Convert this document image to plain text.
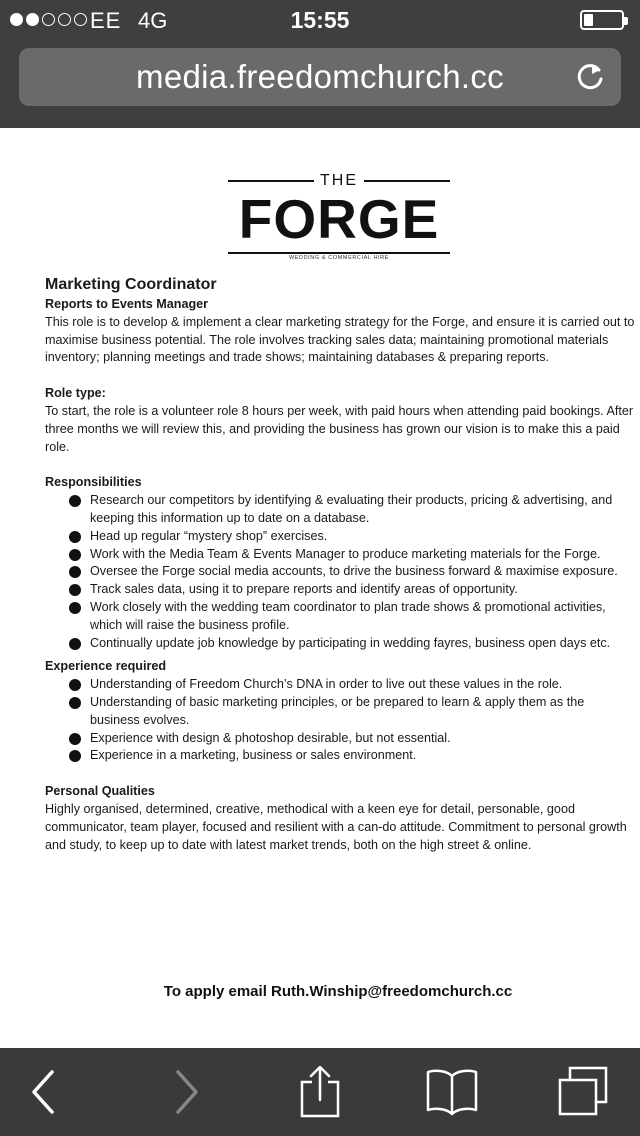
EE 4G	15:55
media.freedomchurch.cc
THE
FORGE
WEDDING & COMMERCIAL HIRE
Marketing Coordinator
Reports to Events Manager

This role is to develop & implement a clear marketing strategy for the Forge, and ensure it is carried out to maximise business potential. The role involves tracking sales data; maintaining promotional materials inventory; planning meetings and trade shows; maintaining databases & preparing reports.

Role type:

To start, the role is a volunteer role 8 hours per week, with paid hours when attending paid bookings. After three months we will review this, and providing the business has grown our vision is to make this a paid role.

Responsibilities
Research our competitors by identifying & evaluating their products, pricing & advertising, and keeping this information up to date on a database.
Head up regular “mystery shop” exercises.
Work with the Media Team & Events Manager to produce marketing materials for the Forge.
Oversee the Forge social media accounts, to drive the business forward & maximise exposure.
Track sales data, using it to prepare reports and identify areas of opportunity.
Work closely with the wedding team coordinator to plan trade shows & promotional activities, which will raise the business profile.
Continually update job knowledge by participating in wedding fayres, business open days etc.
Experience required
Understanding of Freedom Church’s DNA in order to live out these values in the role.
Understanding of basic marketing principles, or be prepared to learn & apply them as the business evolves.
Experience with design & photoshop desirable, but not essential.
Experience in a marketing, business or sales environment.
Personal Qualities

Highly organised, determined, creative, methodical with a keen eye for detail, personable, good communicator, team player, focused and resilient with a can-do attitude. Commitment to personal growth and study, to keep up to date with latest market trends, both on the high street & online.

To apply email Ruth.Winship@freedomchurch.cc
